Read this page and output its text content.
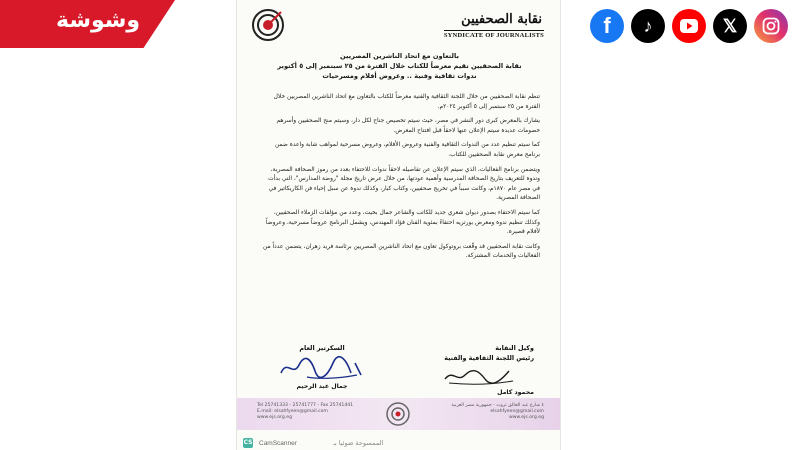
وشوشة	f	♪	𝕏
نقابة الصحفيين
SYNDICATE OF JOURNALISTS
بالتعاون مع اتحاد الناشرين المصريين
نقابة الصحفيين تقيم معرضاً للكتاب خلال الفترة من ٢٥ سبتمبر إلى ٥ أكتوبر
ندوات ثقافية وفنية .. وعروض أفلام ومسرحيات

تنظم نقابة الصحفيين من خلال اللجنة الثقافية والفنية معرضاً للكتاب بالتعاون مع اتحاد الناشرين المصريين خلال الفترة من ٢٥ سبتمبر إلى ٥ أكتوبر ٢٠٢٤م.

يشارك بالمعرض كبرى دور النشر في مصر، حيث سيتم تخصيص جناح لكل دار، وسيتم منح الصحفيين وأسرهم خصومات عديدة سيتم الإعلان عنها لاحقاً قبل افتتاح المعرض.

كما سيتم تنظيم عدد من الندوات الثقافية والفنية وعروض الأفلام، وعروض مسرحية لمواهب شابة واعدة ضمن برنامج معرض نقابة الصحفيين للكتاب.

ويتضمن برنامج الفعاليات، الذي سيتم الإعلان عن تفاصيله لاحقاً ندوات للاحتفاء بعدد من رموز الصحافة المصرية، وندوة للتعريف بتاريخ الصحافة المدرسية وأهمية عودتها، من خلال عرض تاريخ مجلة "روضة المدارس"، التي بدأت في مصر عام ١٨٧٠م، وكانت سبباً في تخريج صحفيين، وكتاب كبار، وكذلك ندوة عن سبل إحياء فن الكاريكاتير في الصحافة المصرية.

كما سيتم الاحتفاء بصدور ديوان شعري جديد للكاتب والشاعر جمال بخيت، وعدد من مؤلفات الزملاء الصحفيين، وكذلك تنظيم ندوة ومعرض بورتريه احتفاءً بمئوية الفنان فؤاد المهندس، ويشمل البرنامج عروضاً مسرحية، وعروضاً لأفلام قصيرة.

وكانت نقابة الصحفيين قد وقّعت بروتوكول تعاون مع اتحاد الناشرين المصريين برئاسة فريد زهران، يتضمن عدداً من الفعاليات والخدمات المشتركة.

السكرتير العام
جمال عبد الرحيم
وكيل النقابة
رئيس اللجنة الثقافية والفنية
محمود كامل
Tel 25741333 - 25741777 - Fax 25741441
E.mail: elsahfyeen@gmail.com
www.ejs.org.eg
٤ شارع عبد الخالق ثروت - جمهورية مصر العربية
elsahfyeen@gmail.com
www.ejs.org.eg
CS CamScanner	الممسوحة ضوئيا بـ
